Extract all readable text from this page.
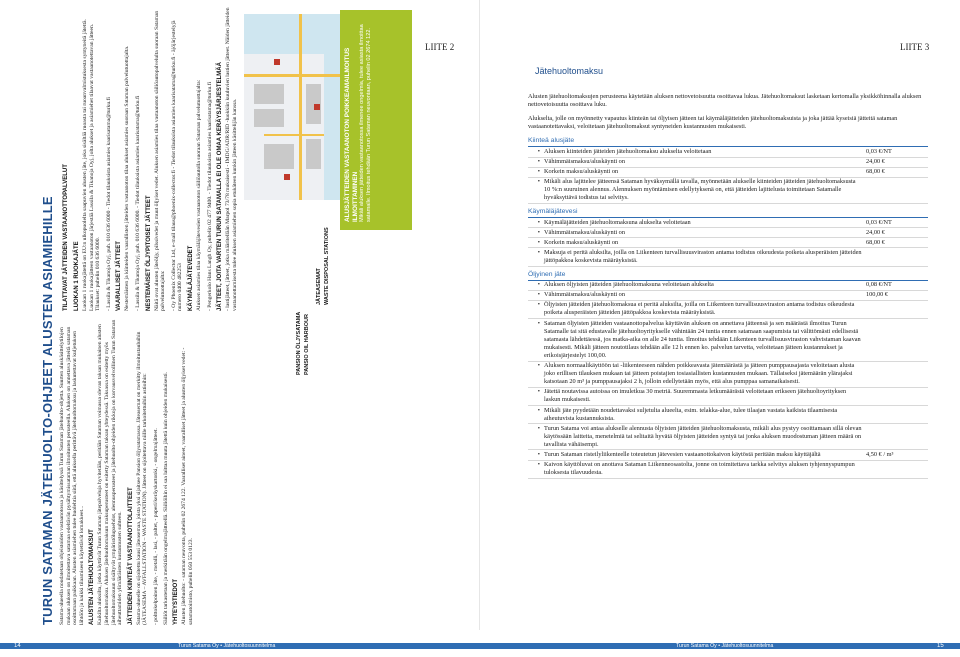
TURUN SATAMAN JÄTEHUOLTO-OHJEET ALUSTEN ASIAMIEHILLE Satama-alueella noudatetaan ohjeistoiden vastaanotossa ja käsittelyssä Turun Sataman jätehuolto-ohjetta. Suurten aluskäsittelytilojen mukaan aluksen on ilmoitettava satamaa edeltävän pysähtymissataman ilmoitusten perusteella. Aluksen on annettava jätteitä sataman osoittamaan paikkaan. Alusten asiamiehen tulee huolehtia siitä, että aluksella perittävä jätehuoltomaksu ja laskutettavat kuljetuksen lähtöön ja kaikki tilaamiseen käytettävät lomakkeet... ALUSTEN JÄTEHUOLTOMAKSUT Kaikilta aluksilta, jotka käyttävät Turun Sataman jätepalveluja hyvitetään, peritään Sataman voimassa olevan taksan mukainen alusten jätehuoltomaksu. Aluksen jätehuoltomaksun maksuperusteet on esitetty Sataman taksan yhteydessä. Taksassa on esitetty myös jätehuoltomaksuun sisältyvät ympäristölupaehdot, alennusperusteet ja jätehuolto-ohjeiden rikkoja on korvausvelvollinen Turun Sataman aiheuttamiden ylimääräisten kustannusten suhteen. JÄTTEIDEN KIINTEÄT VASTAANOTTOLAITTEET Satama-alueelle on sijoitettu kausi jäteasemaa, joista yksi sijaitsee Pansion öljysatamassa. Jäteasemat on merkitty ilmoitustauluihin (JÄTEASEMA – AVFALLSTATION – WASTE STATION). Jätteet on sijoitettava niille tarkoitettuihin astioihin: - polttokelpoinen jäte, - metalli, - lasi, - paltet, - paperi/keräyskartonki, - ongelmajätteet. Säiliöt tarkastetaan ja merkitään ongelmajätteellä. Säiliöihin ei saa laittaa muuta jätettä kuin ohjeiden mukaisesti. YHTEYSTIEDOT Alusten jätehuolto: - sataman neuvonta, puhelin 02 2674 122. Vaaralliset aineet, vaaralliset jätteet ja alusten öljyiset vedet: - satamatoimisto, puhelin 050 553 0123.

TILATTAVAT JÄTTEIDEN VASTAANOTTOPALVELUT LUOKAN 1 RUOKAJÄTE Luokan 1 ruokajätettä on EU:n ulkopuolelta saapuvien alusten jäte, joka sisältää ruoasta tai ruoanvalmistuksesta syntyneitä jätettä. Luokan 1 ruokajätteen vastaanoton järjestää Lassila & Tikanoja Oyj, jolta alukset ja asiamiehet tilaavat vastaanotettavan jätteen. Tilaukset: puhelin 010 636 6000. - Lassila & Tikanoja Oyj, puh. 010 636 6000 - Tiedot tilauksista asiamies kaarisatama@turku.fi VAARALLISET JÄTTEET Nestemäisten ja kiinteiden vaarallisten jätteiden vastaanoton tilaa alukset asiamies suoraan Sataman palvelutuottajalta. - Lassila & Tikanoja Oyj, puh. 010 636 6000. - Tiedot tilauksista asiamies kaarisatama@turku.fi NESTEMÄISET ÖLJYPITOISET JÄTTEET Näitä ovat alusten jäteöljy, pilssivedet ja muut öljyiset vedet. Aluksen asiamies tilaa vastaanoton säiliöautopalvelulta suoraan Sataman palvelutuottajalta: - Oy Phoenix Collector Ltd, e-mail tilaus@phoenix-collector.fi - Tiedot tilauksista asiamies kaarisatama@turku.fi - äjöjärjestelyjä numero 0400 482253 KÄYMÄLÄJÄTEVEDET Aluksen asiamies tilaa käymäläjätevesien vastaanoton säiliöautolla suoraan Sataman palvelutuottajalta: - Pengerkolo Hans Langh Oy, puhelin 02 477 9400. - Tiedot tilauksista asiamies kaarisatama@turku.fi JÄTTEET, JOITA VARTEN TURUN SATAMALLA EI OLE OMAA KERÄYSJÄRJESTELMÄÄ - lastijätteet, jätteet, jotka määritellään Marpol 73/78 mukaisesti - IMDG/ADR/RID -luokkiin kuuluvien lastien jätteet. Näiden jätteiden vastaanottamisesta tulee aluksen asiamiehen sopia etukäteen kunkin jätteen käsittelijän kanssa.

PANSION ÖLJYSATAMA PANSIO OIL HARBOUR
JÄTEASEMAT WASTE DISPOSAL STATIONS
ALUSJÄTTEIDEN VASTAANOTON POIKKEAMAILMOITUS ILMOITTAMINEN Mikäli aluksen jätteiden vastaanotossa ilmenee ongelmia, tulee asiasta ilmoittaa satamalle. Ilmoitus tehdään Turun Sataman neuvontaan, puhelin 02 2674 122.	LIITE 2	LIITE 3
Jätehuoltomaksu

Alusten jätehuoltomaksujen perusteena käytetään aluksen nettovetoisuutta osoittavaa lukua. Jätehuoltomaksut lasketaan kertomalla yksikköhinnalla aluksen nettovetoisuutta osoittava luku.

Alukselta, jolle on myönnetty vapautus kiinteän tai öljyisen jätteen tai käymäläjätteiden jätehuoltomaksuista ja joka jättää kyseisiä jätteitä sataman vastaanotettavaksi, veloitetaan jätehuoltomaksut syntyneiden kustannusten mukaisesti.

Kiinteä alusjäte
• Aluksen kiinteiden jätteiden jätehuoltomaksu alukselta veloitetaan	0,03 €/NT
• Vähimmäismaksu/aluskäynti on	24,00 €
• Korkein maksu/aluskäynti on	68,00 €
• Mikäli alus lajittelee jätteensä Sataman hyväksymällä tavalla, myönnetään alukselle kiinteiden jätteiden jätehuoltomaksusta 10 %:n suuruinen alennus. Alennuksen myöntämisen edellytyksenä on, että jätteiden lajittelusta toimitetaan Satamalle hyväksyttävä todistus tai selvitys.
Käymäläjätevesi
• Käymäläjätteiden jätehuoltomaksuna alukselta veloitetaan	0,03 €/NT
• Vähimmäismaksu/aluskäynti on	24,00 €
• Korkein maksu/aluskäynti on	68,00 €
• Maksuja ei peritä aluksilta, joilla on Liikenteen turvallisuusviraston antama todistus oikeudesta poiketa alusperäisten jätteiden jättöpakkoa koskevista määräyksistä.
Öljyinen jäte
• Aluksen öljyisten jätteiden jätehuoltomaksuna veloitetaan alukselta	0,08 €/NT
• Vähimmäismaksu/aluskäynti on	100,00 €
• Öljyisten jätteiden jätehuoltomaksua ei peritä aluksilta, joilla on Liikenteen turvallisuusviraston antama todistus oikeudesta poiketa alusperäisten jätteiden jättöpakkoa koskevista määräyksistä.
• Sataman öljyisten jätteiden vastaanottopalvelua käyttävän aluksen on annettava jätteensä ja sen määrästä ilmoitus Turun Satamalle tai sitä edustavalle jätehuoltoyritykselle vähintään 24 tuntia ennen satamaan saapumista tai välittömästi edellisestä satamasta lähdettäessä, jos matka-aika on alle 24 tuntia. Ilmoitus tehdään Liikenteen turvallisuusviraston vahvistaman kaavan mukaisesti. Mikäli jätteen noutotilaus tehdään alle 12 h ennen ko. palvelun tarvetta, veloitetaan jätteen kustannukset ja erikoisjärjestelyt 100,00.
• Aluksen normaalikäyttöön tai -liikenteeseen nähden poikkeavasta jätemäärästä ja jätteen pumppausajasta veloitetaan alusta joko erillisen tilauksen mukaan tai jätteen poistajien tosiasiallisten kustannusten mukaan. Tällaiseksi jätemäärän ylärajaksi katsotaan 20 m³ ja pumppausajaksi 2 h, jolloin edellytetään myös, että alus pumppaa samanaikaisesti.
• Jätettä noutavissa autoissa on imuletkua 30 metriä. Suuremmasta letkumäärästä veloitetaan erikseen jätehuoltoyrityksen laskun mukaisesti.
• Mikäli jäte pyydetään noudettavaksi suljetulta alueelta, esim. telakka-alue, tulee tilaajan vastata kaikista tilaamisesta aiheutuvista kustannuksista.
• Turun Satama voi antaa alukselle alennusta öljyisten jätteiden jätehuoltomaksusta, mikäli alus pystyy osoittamaan sillä olevan käytössään laitteita, menetelmiä tai selitaitä hyvätä öljyisten jätteiden syntyä tai jonka aluksen muodostuman jätteen määrä on tavallista vähäisempi.
• Turun Sataman risteilyliikenteelle toteutetun jätevesien vastaanottokaivon käytöstä peritään maksu käyttäjältä	4,50 € / m³
• Kaivon käyttöluvat on anottava Sataman Liikenneosastolta, jonne on toimitettava tarkka selvitys aluksen tyhjennyspumpun tuloksesta tilavuudesta.
14	Turun Satama Oy • Jätehuoltosuunnitelma	Turun Satama Oy • Jätehuoltosuunnitelma	15
